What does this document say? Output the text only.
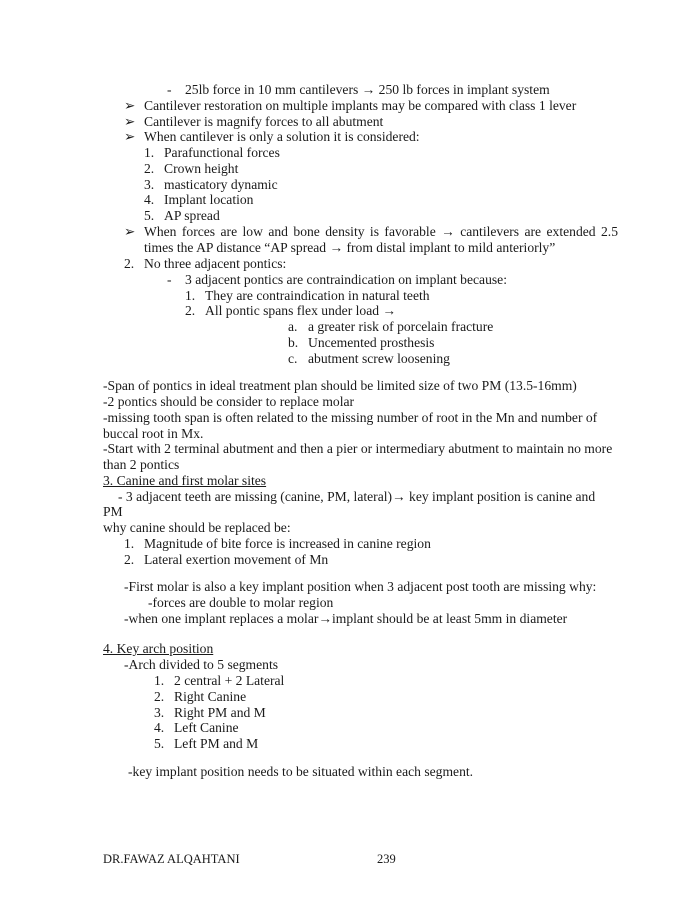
- 25lb force in 10 mm cantilevers → 250 lb forces in implant system
➢ Cantilever restoration on multiple implants may be compared with class 1 lever
➢ Cantilever is magnify forces to all abutment
➢ When cantilever is only a solution it is considered:
1. Parafunctional forces
2. Crown height
3. masticatory dynamic
4. Implant location
5. AP spread
➢ When forces are low and bone density is favorable → cantilevers are extended 2.5
times the AP distance “AP spread → from distal implant to mild anteriorly”
2. No three adjacent pontics:
- 3 adjacent pontics are contraindication on implant because:
1. They are contraindication in natural teeth
2. All pontic spans flex under load →
a. a greater risk of porcelain fracture
b. Uncemented prosthesis
c. abutment screw loosening
-Span of pontics in ideal treatment plan should be limited size of two PM (13.5-16mm)
-2 pontics should be consider to replace molar
-missing tooth span is often related to the missing number of root in the Mn and number of
buccal root in Mx.
-Start with 2 terminal abutment and then a pier or intermediary abutment to maintain no more
than 2 pontics
3. Canine and first molar sites
- 3 adjacent teeth are missing (canine, PM, lateral)→ key implant position is canine and
PM
why canine should be replaced be:
1. Magnitude of bite force is increased in canine region
2. Lateral exertion movement of Mn
-First molar is also a key implant position when 3 adjacent post tooth are missing why:
-forces are double to molar region
-when one implant replaces a molar→implant should be at least 5mm in diameter
4. Key arch position
-Arch divided to 5 segments
1. 2 central + 2 Lateral
2. Right Canine
3. Right PM and M
4. Left Canine
5. Left PM and M
-key implant position needs to be situated within each segment.
DR.FAWAZ ALQAHTANI	239
